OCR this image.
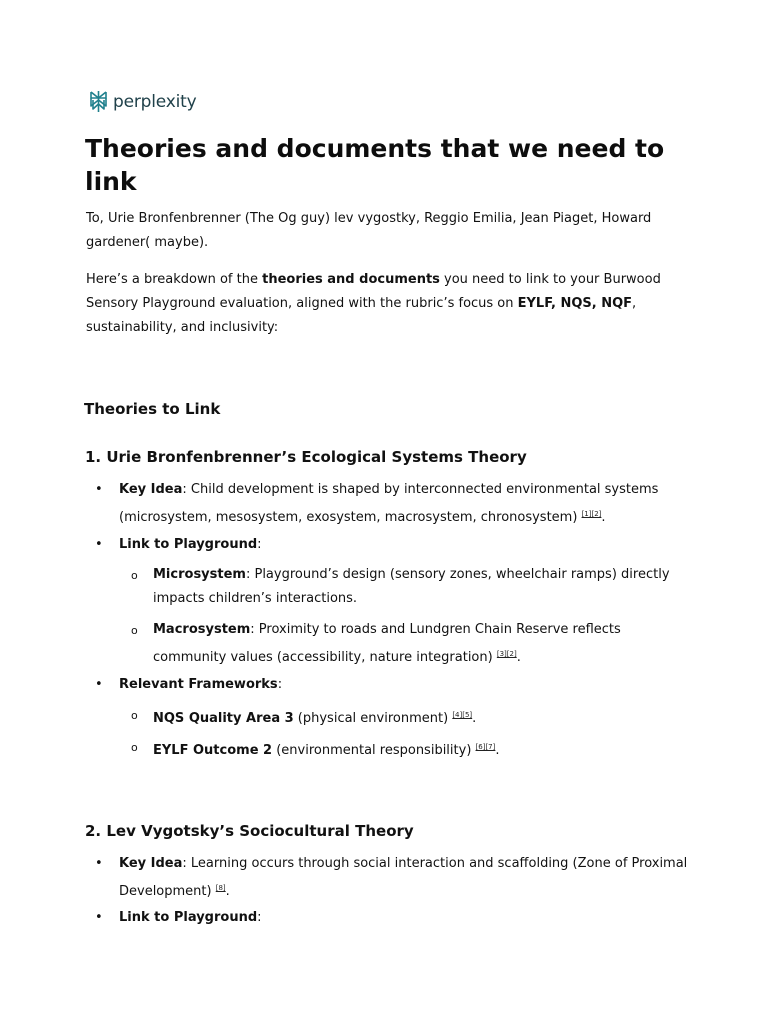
perplexity
Theories and documents that we need to link

To, Urie Bronfenbrenner (The Og guy) lev vygostky, Reggio Emilia, Jean Piaget, Howard gardener( maybe).

Here’s a breakdown of the theories and documents you need to link to your Burwood Sensory Playground evaluation, aligned with the rubric’s focus on EYLF, NQS, NQF, sustainability, and inclusivity:

Theories to Link
1. Urie Bronfenbrenner’s Ecological Systems Theory
• Key Idea: Child development is shaped by interconnected environmental systems (microsystem, mesosystem, exosystem, macrosystem, chronosystem) [1][2].
• Link to Playground:
o Microsystem: Playground’s design (sensory zones, wheelchair ramps) directly impacts children’s interactions.
o Macrosystem: Proximity to roads and Lundgren Chain Reserve reflects community values (accessibility, nature integration) [3][2].
• Relevant Frameworks:
o NQS Quality Area 3 (physical environment) [4][5].
o EYLF Outcome 2 (environmental responsibility) [6][7].
2. Lev Vygotsky’s Sociocultural Theory
• Key Idea: Learning occurs through social interaction and scaffolding (Zone of Proximal Development) [8].
• Link to Playground:
